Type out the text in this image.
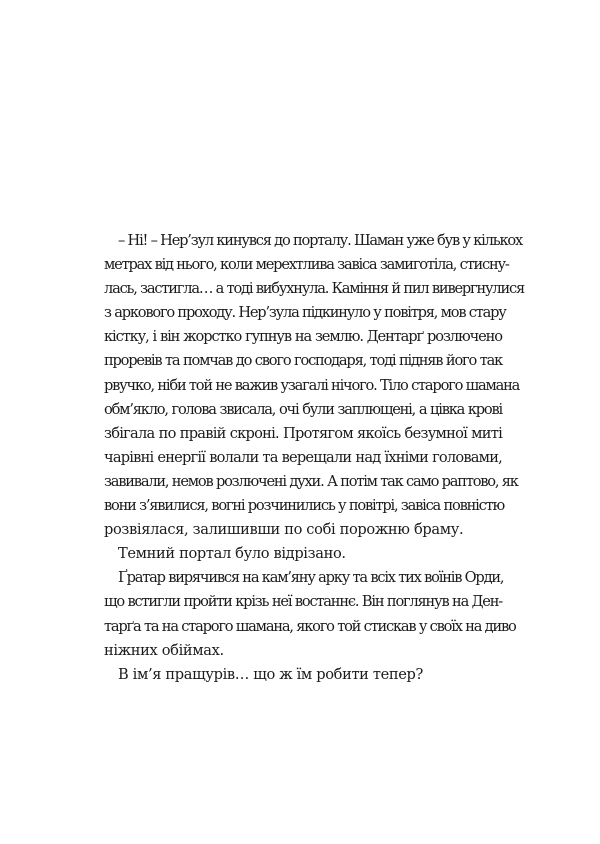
– Ні! – Нер’зул кинувся до порталу. Шаман уже був у кількох
метрах від нього, коли мерехтлива завіса замиготіла, стисну-
лась, застигла… а тоді вибухнула. Каміння й пил вивергнулися
з аркового проходу. Нер’зула підкинуло у повітря, мов стару
кістку, і він жорстко гупнув на землю. Дентарґ розлючено
проревів та помчав до свого господаря, тоді підняв його так
рвучко, ніби той не важив узагалі нічого. Тіло старого шамана
обм’якло, голова звисала, очі були заплющені, а цівка крові
збігала по правій скроні. Протягом якоїсь безумної миті
чарівні енергії волали та верещали над їхніми головами,
завивали, немов розлючені духи. А потім так само раптово, як
вони з’явилися, вогні розчинились у повітрі, завіса повністю
розвіялася, залишивши по собі порожню браму.
Темний портал було відрізано.
Ґратар вирячився на кам’яну арку та всіх тих воїнів Орди,
що встигли пройти крізь неї востаннє. Він поглянув на Ден-
тарґа та на старого шамана, якого той стискав у своїх на диво
ніжних обіймах.
В ім’я пращурів… що ж їм робити тепер?
